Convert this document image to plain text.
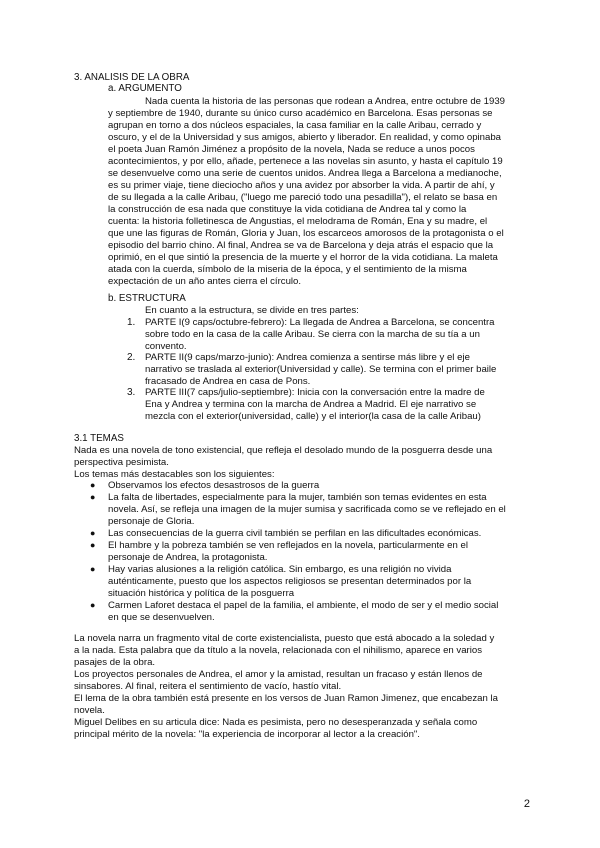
3. ANALISIS DE LA OBRA
a. ARGUMENTO
Nada cuenta la historia de las personas que rodean a Andrea, entre octubre de 1939
y septiembre de 1940, durante su único curso académico en Barcelona. Esas personas se
agrupan en torno a dos núcleos espaciales, la casa familiar en la calle Aribau, cerrado y
oscuro, y el de la Universidad y sus amigos, abierto y liberador. En realidad, y como opinaba
el poeta Juan Ramón Jiménez a propósito de la novela, Nada se reduce a unos pocos
acontecimientos, y por ello, añade, pertenece a las novelas sin asunto, y hasta el capítulo 19
se desenvuelve como una serie de cuentos unidos. Andrea llega a Barcelona a medianoche,
es su primer viaje, tiene dieciocho años y una avidez por absorber la vida. A partir de ahí, y
de su llegada a la calle Aribau, ("luego me pareció todo una pesadilla"), el relato se basa en
la construcción de esa nada que constituye la vida cotidiana de Andrea tal y como la
cuenta: la historia folletinesca de Angustias, el melodrama de Román, Ena y su madre, el
que une las figuras de Román, Gloria y Juan, los escarceos amorosos de la protagonista o el
episodio del barrio chino. Al final, Andrea se va de Barcelona y deja atrás el espacio que la
oprimió, en el que sintió la presencia de la muerte y el horror de la vida cotidiana. La maleta
atada con la cuerda, símbolo de la miseria de la época, y el sentimiento de la misma
expectación de un año antes cierra el círculo.
b. ESTRUCTURA
En cuanto a la estructura, se divide en tres partes:
1. PARTE I(9 caps/octubre-febrero): La llegada de Andrea a Barcelona, se concentra
sobre todo en la casa de la calle Aribau. Se cierra con la marcha de su tía a un
convento.
2. PARTE II(9 caps/marzo-junio): Andrea comienza a sentirse más libre y el eje
narrativo se traslada al exterior(Universidad y calle). Se termina con el primer baile
fracasado de Andrea en casa de Pons.
3. PARTE III(7 caps/julio-septiembre): Inicia con la conversación entre la madre de
Ena y Andrea y termina con la marcha de Andrea a Madrid. El eje narrativo se
mezcla con el exterior(universidad, calle) y el interior(la casa de la calle Aribau)
3.1 TEMAS
Nada es una novela de tono existencial, que refleja el desolado mundo de la posguerra desde una
perspectiva pesimista.
Los temas más destacables son los siguientes:
● Observamos los efectos desastrosos de la guerra
● La falta de libertades, especialmente para la mujer, también son temas evidentes en esta
novela. Así, se refleja una imagen de la mujer sumisa y sacrificada como se ve reflejado en el
personaje de Gloria.
● Las consecuencias de la guerra civil también se perfilan en las dificultades económicas.
● El hambre y la pobreza también se ven reflejados en la novela, particularmente en el
personaje de Andrea, la protagonista.
● Hay varias alusiones a la religión católica. Sin embargo, es una religión no vivida
auténticamente, puesto que los aspectos religiosos se presentan determinados por la
situación histórica y política de la posguerra
● Carmen Laforet destaca el papel de la familia, el ambiente, el modo de ser y el medio social
en que se desenvuelven.
La novela narra un fragmento vital de corte existencialista, puesto que está abocado a la soledad y
a la nada. Esta palabra que da título a la novela, relacionada con el nihilismo, aparece en varios
pasajes de la obra.
Los proyectos personales de Andrea, el amor y la amistad, resultan un fracaso y están llenos de
sinsabores. Al final, reitera el sentimiento de vacío, hastío vital.
El lema de la obra también está presente en los versos de Juan Ramon Jimenez, que encabezan la
novela.
Miguel Delibes en su articula dice: Nada es pesimista, pero no desesperanzada y señala como
principal mérito de la novela: "la experiencia de incorporar al lector a la creación".
2
